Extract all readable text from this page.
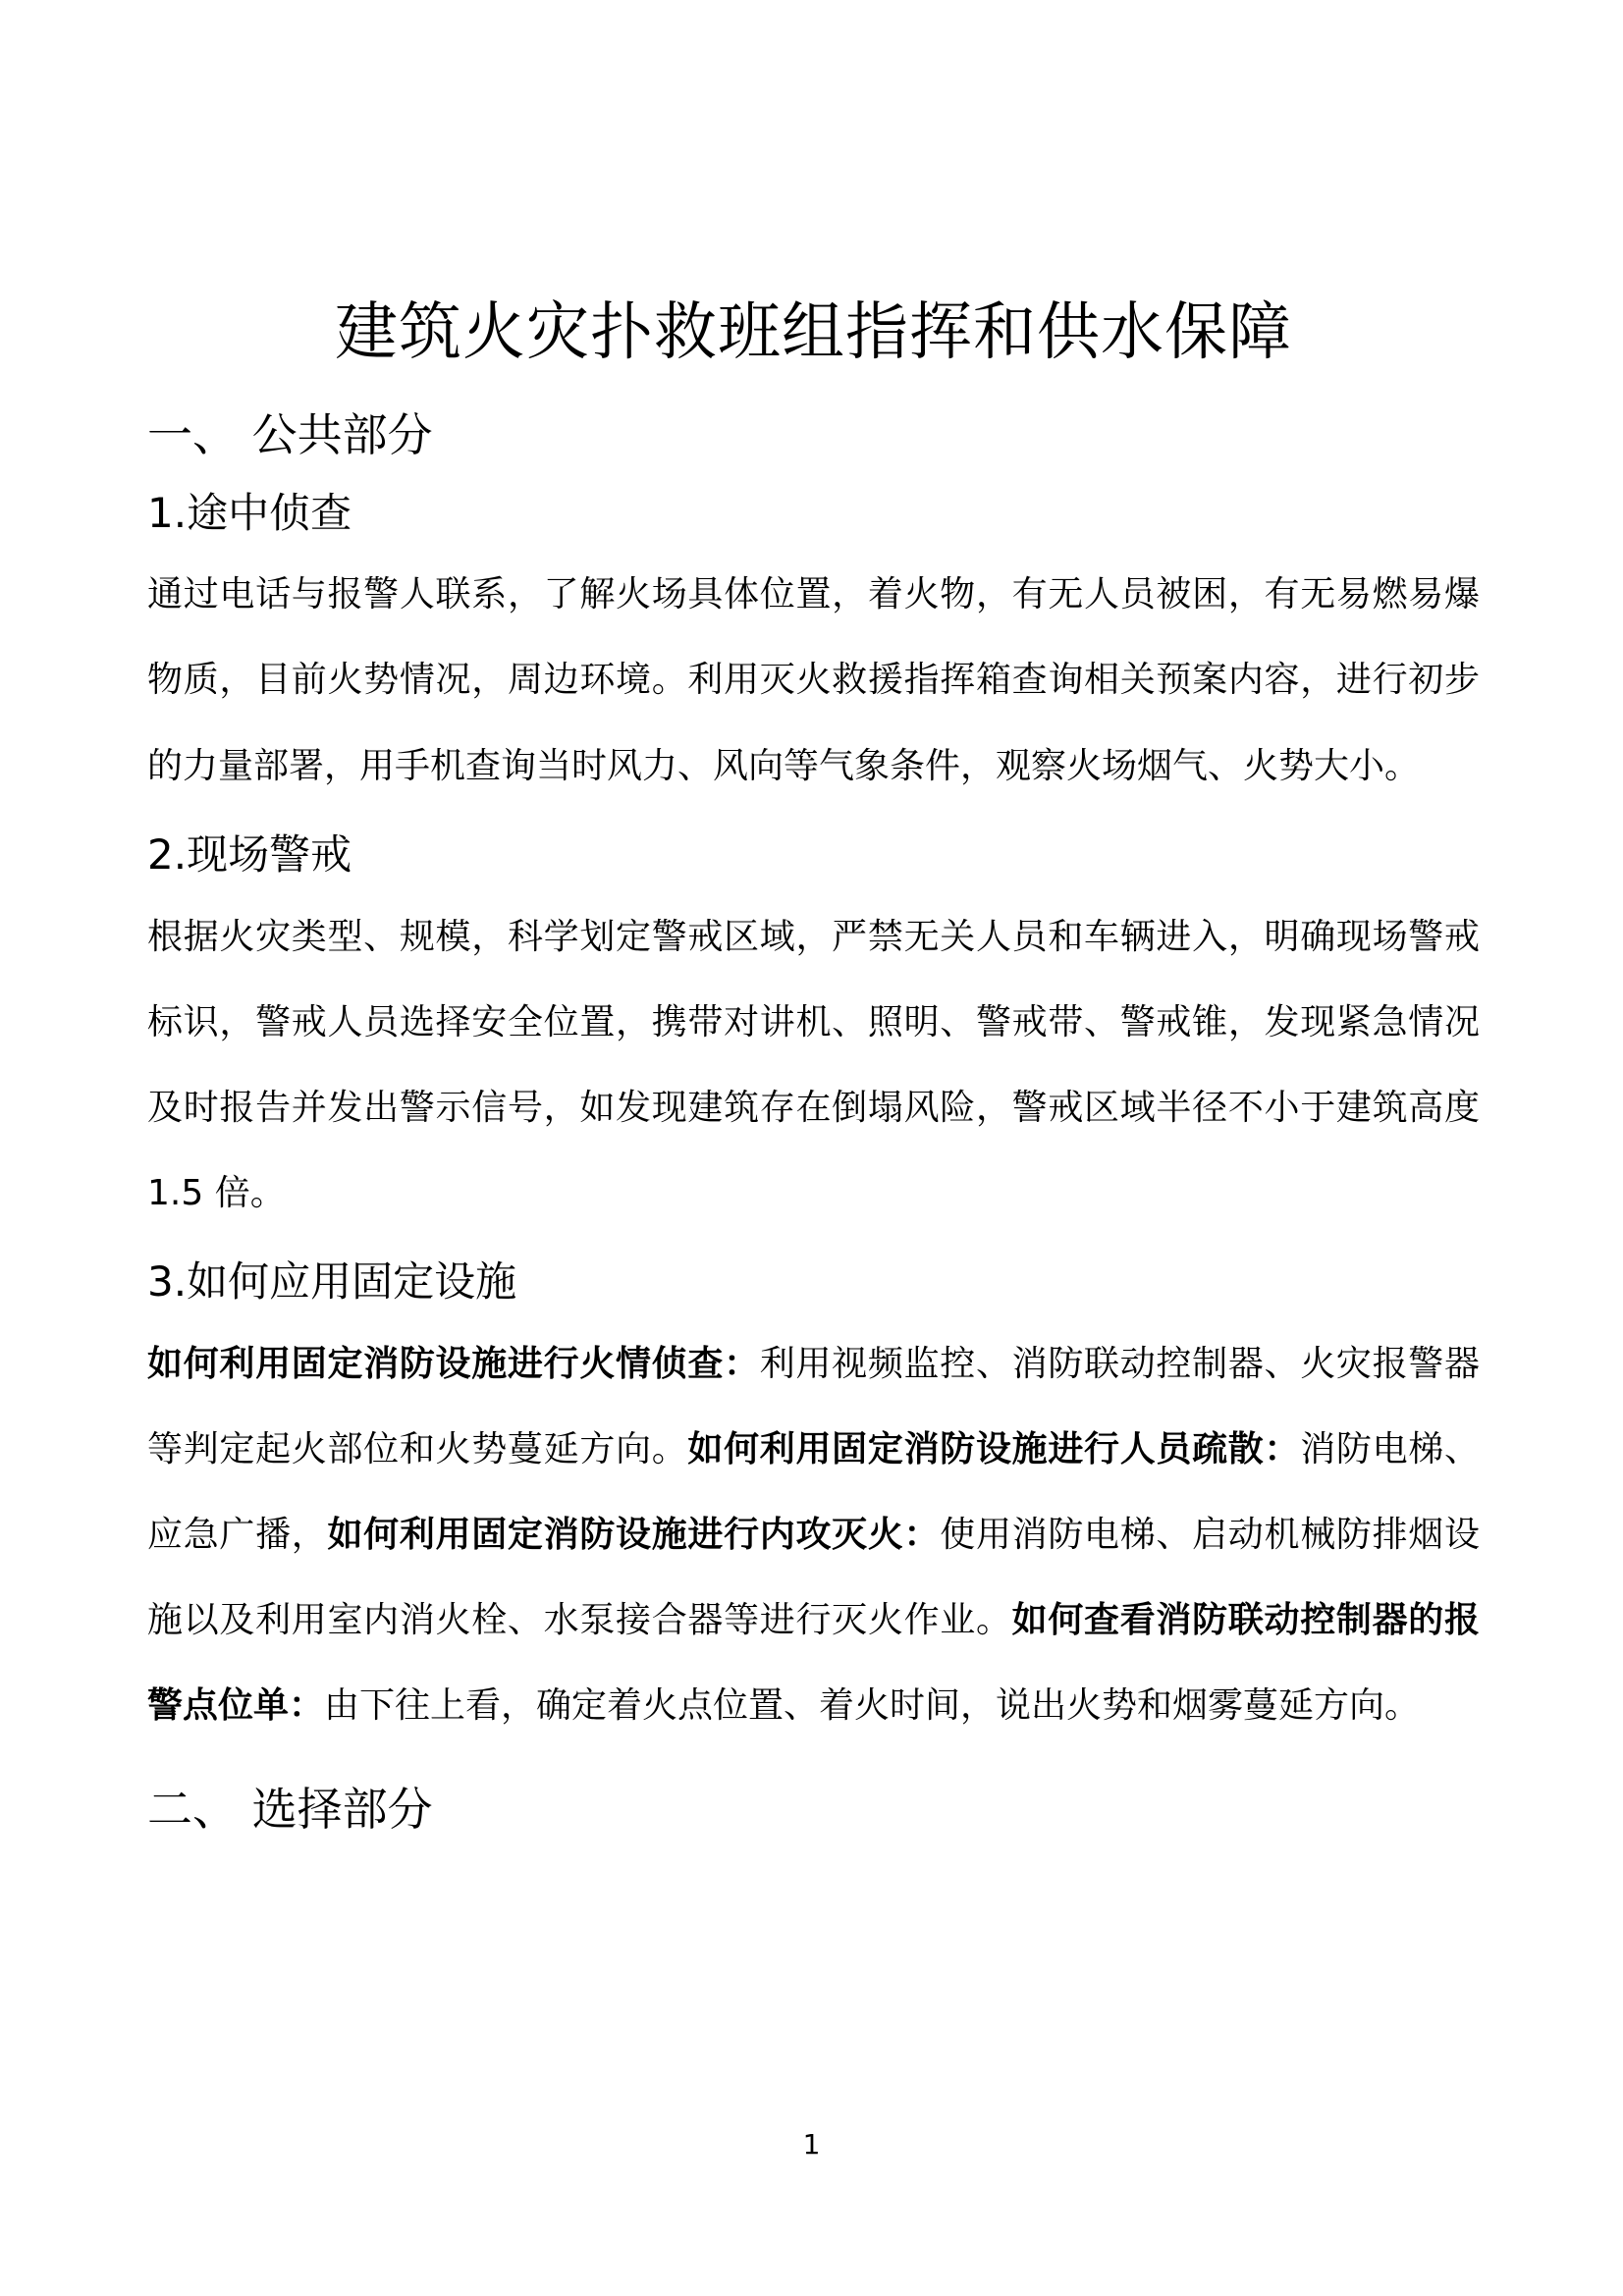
建筑火灾扑救班组指挥和供水保障
一、 公共部分
1.途中侦查

通过电话与报警人联系，了解火场具体位置，着火物，有无人员被困，有无易燃易爆物质，目前火势情况，周边环境。利用灭火救援指挥箱查询相关预案内容，进行初步的力量部署，用手机查询当时风力、风向等气象条件，观察火场烟气、火势大小。

2.现场警戒

根据火灾类型、规模，科学划定警戒区域，严禁无关人员和车辆进入，明确现场警戒标识，警戒人员选择安全位置，携带对讲机、照明、警戒带、警戒锥，发现紧急情况及时报告并发出警示信号，如发现建筑存在倒塌风险，警戒区域半径不小于建筑高度 1.5 倍。

3.如何应用固定设施

如何利用固定消防设施进行火情侦查：利用视频监控、消防联动控制器、火灾报警器等判定起火部位和火势蔓延方向。如何利用固定消防设施进行人员疏散：消防电梯、应急广播，如何利用固定消防设施进行内攻灭火：使用消防电梯、启动机械防排烟设施以及利用室内消火栓、水泵接合器等进行灭火作业。如何查看消防联动控制器的报警点位单：由下往上看，确定着火点位置、着火时间，说出火势和烟雾蔓延方向。

二、 选择部分
1
